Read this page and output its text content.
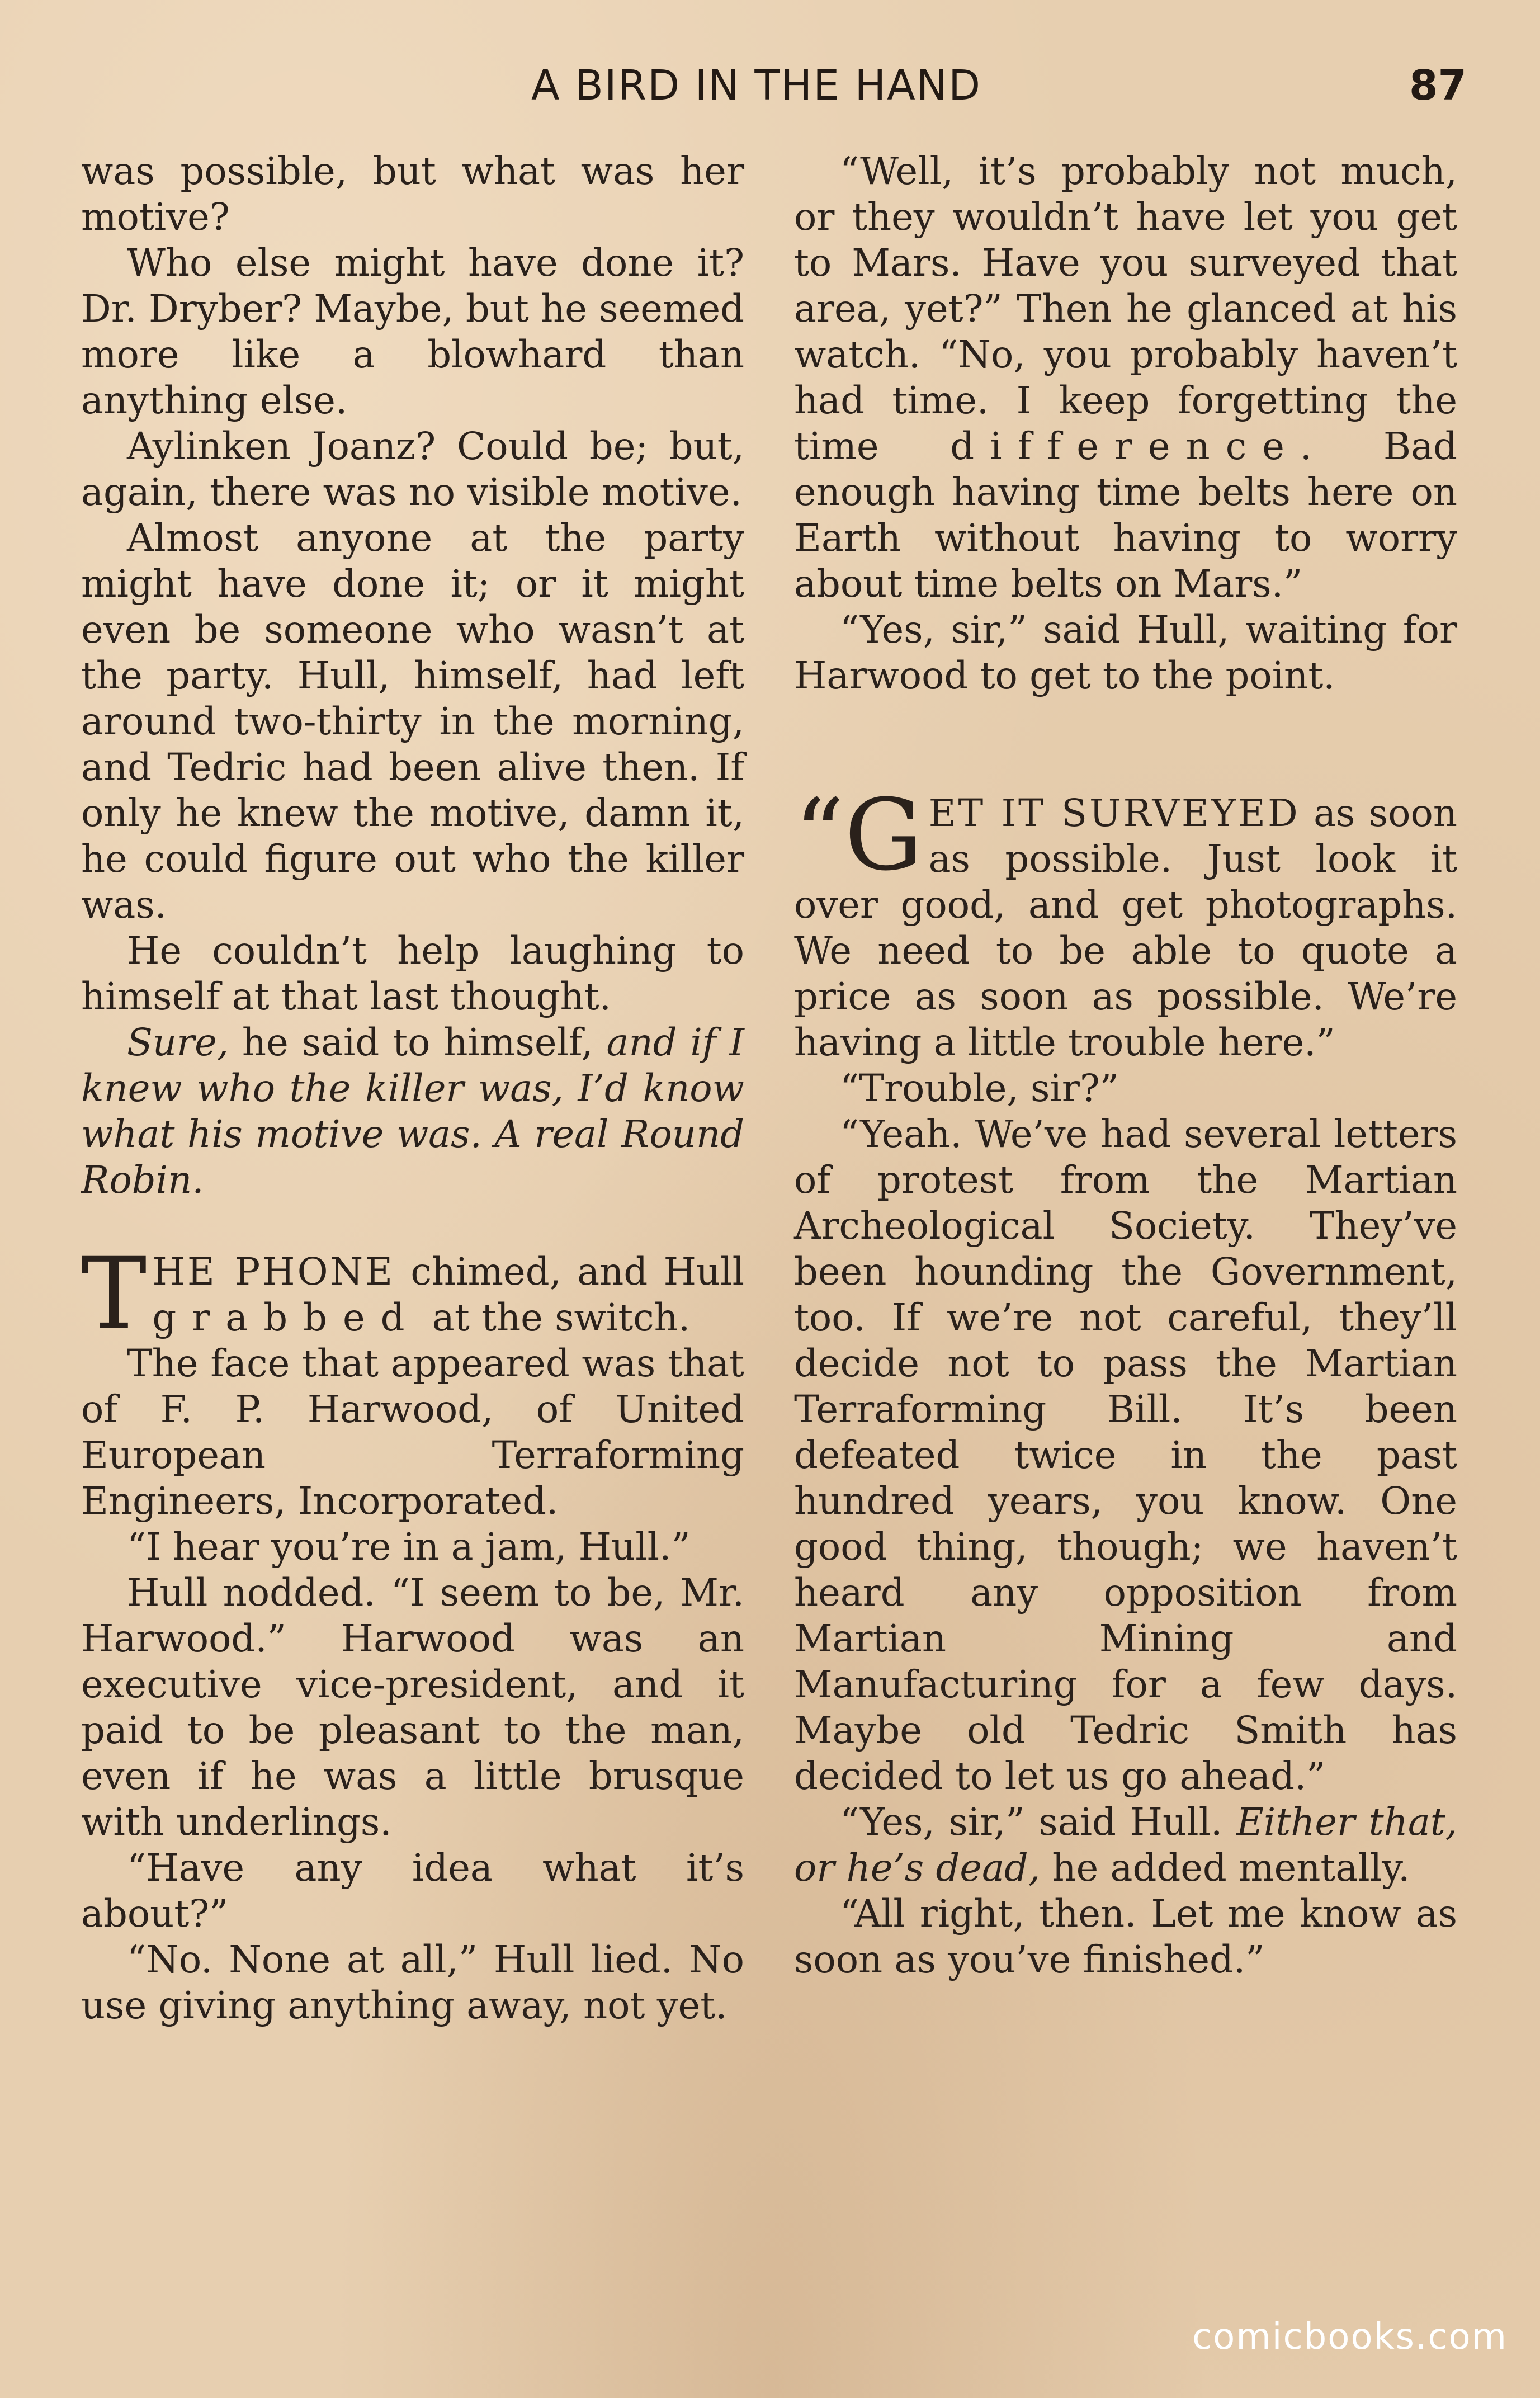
A BIRD IN THE HAND	87

was possible, but what was her motive?

Who else might have done it? Dr. Dryber? Maybe, but he seemed more like a blowhard than anything else.

Aylinken Joanz? Could be; but, again, there was no visible motive.

Almost anyone at the party might have done it; or it might even be someone who wasn’t at the party. Hull, himself, had left around two-thirty in the morning, and Tedric had been alive then. If only he knew the motive, damn it, he could figure out who the killer was.

He couldn’t help laughing to himself at that last thought.

Sure, he said to himself, and if I knew who the killer was, I’d know what his motive was. A real Round Robin.

THE PHONE chimed, and Hull grabbed at the switch.

The face that appeared was that of F. P. Harwood, of United European Terraforming Engineers, Incorporated.

“I hear you’re in a jam, Hull.”

Hull nodded. “I seem to be, Mr. Harwood.” Harwood was an executive vice-president, and it paid to be pleasant to the man, even if he was a little brusque with underlings.

“Have any idea what it’s about?”

“No. None at all,” Hull lied. No use giving anything away, not yet.

“Well, it’s probably not much, or they wouldn’t have let you get to Mars. Have you surveyed that area, yet?” Then he glanced at his watch. “No, you probably haven’t had time. I keep forgetting the time difference. Bad enough having time belts here on Earth without having to worry about time belts on Mars.”

“Yes, sir,” said Hull, waiting for Harwood to get to the point.

“G ET IT SURVEYED as soon as possible. Just look it over good, and get photographs. We need to be able to quote a price as soon as possible. We’re having a little trouble here.”

“Trouble, sir?”

“Yeah. We’ve had several letters of protest from the Martian Archeological Society. They’ve been hounding the Government, too. If we’re not careful, they’ll decide not to pass the Martian Terraforming Bill. It’s been defeated twice in the past hundred years, you know. One good thing, though; we haven’t heard any opposition from Martian Mining and Manufacturing for a few days. Maybe old Tedric Smith has decided to let us go ahead.”

“Yes, sir,” said Hull. Either that, or he’s dead, he added mentally.

“All right, then. Let me know as soon as you’ve finished.”

comicbooks.com
